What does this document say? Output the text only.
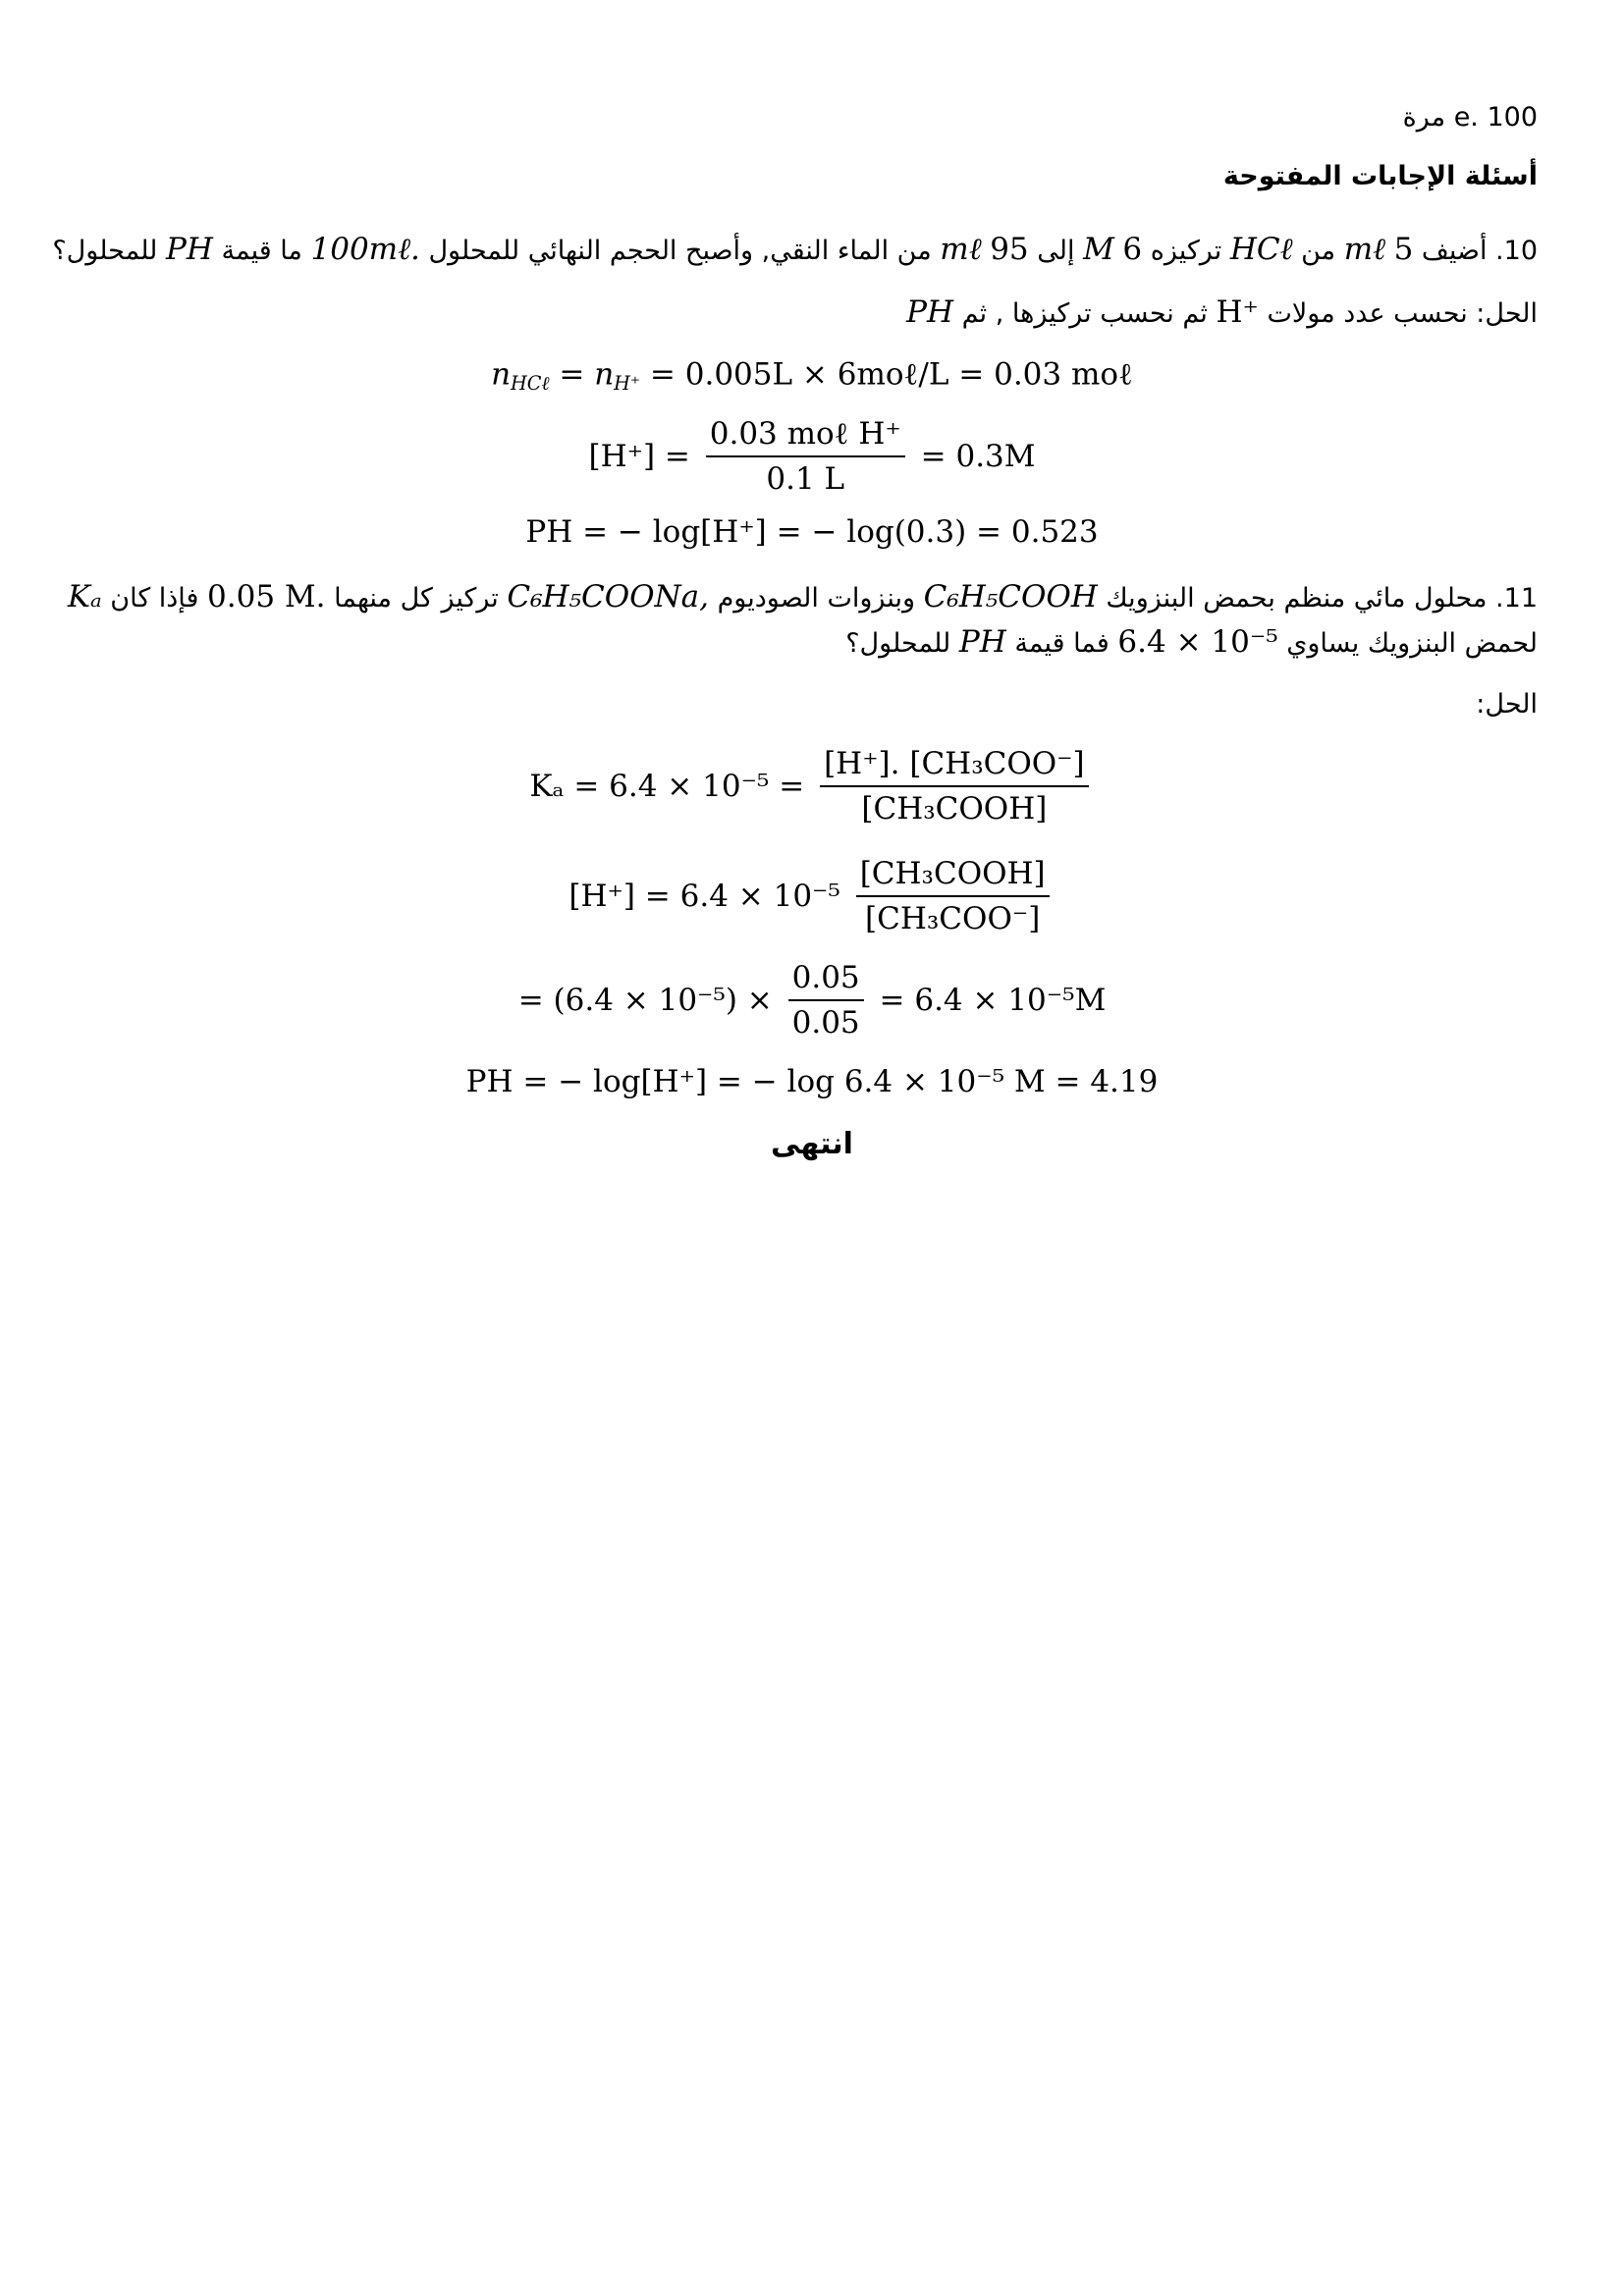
e. 100 مرة
أسئلة الإجابات المفتوحة
10. أضيف 5 mℓ من HCℓ تركيزه 6 M إلى 95 mℓ من الماء النقي, وأصبح الحجم النهائي للمحلول 100mℓ. ما قيمة PH للمحلول؟
الحل: نحسب عدد مولات H⁺ ثم نحسب تركيزها , ثم PH
$n_{HC\ell} = n_{H^+} = 0.005L$ × 6moℓ/L = 0.03 moℓ
$[H^+] = \frac{\text{0.03 moℓ H⁺}}{0.1 L} = 0.3M$
PH = − log[H⁺] = − log(0.3) = 0.523
11. محلول مائي منظم بحمض البنزويك C₆H₅COOH وبنزوات الصوديوم C₆H₅COONa, تركيز كل منهما 0.05 M. فإذا كان Kₐ
لحمض البنزويك يساوي 6.4 × 10⁻⁵ فما قيمة PH للمحلول؟
الحل:
$K_a = 6.4 \times 10^{-5} = \frac{\text{[H⁺]. [CH₃COO⁻]}}{\text{[CH₃COOH]}}$
$[H^+] = 6.4 \times 10^{-5} \frac{\text{[CH₃COOH]}}{\text{[CH₃COO⁻]}}$
= $(6.4 \times 10^{-5}) \times \frac{0.05}{0.05} = 6.4 \times 10^{-5}M$
PH = − log[H⁺] = − log 6.4 × 10⁻⁵ M = 4.19
انتهى
